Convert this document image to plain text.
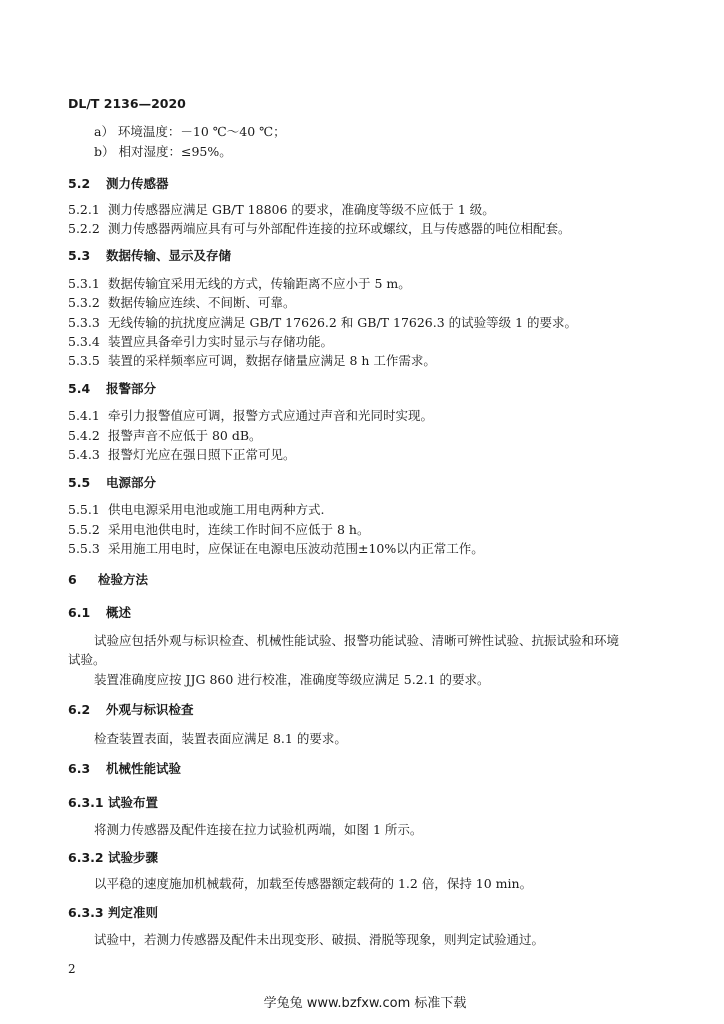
DL/T 2136—2020
a） 环境温度：－10 ℃～40 ℃；
b） 相对湿度：≤95%。
5.2 测力传感器
5.2.1 测力传感器应满足 GB/T 18806 的要求，准确度等级不应低于 1 级。
5.2.2 测力传感器两端应具有可与外部配件连接的拉环或螺纹，且与传感器的吨位相配套。
5.3 数据传输、显示及存储
5.3.1 数据传输宜采用无线的方式，传输距离不应小于 5 m。
5.3.2 数据传输应连续、不间断、可靠。
5.3.3 无线传输的抗扰度应满足 GB/T 17626.2 和 GB/T 17626.3 的试验等级 1 的要求。
5.3.4 装置应具备牵引力实时显示与存储功能。
5.3.5 装置的采样频率应可调，数据存储量应满足 8 h 工作需求。
5.4 报警部分
5.4.1 牵引力报警值应可调，报警方式应通过声音和光同时实现。
5.4.2 报警声音不应低于 80 dB。
5.4.3 报警灯光应在强日照下正常可见。
5.5 电源部分
5.5.1 供电电源采用电池或施工用电两种方式.
5.5.2 采用电池供电时，连续工作时间不应低于 8 h。
5.5.3 采用施工用电时，应保证在电源电压波动范围±10%以内正常工作。
6 检验方法
6.1 概述
试验应包括外观与标识检查、机械性能试验、报警功能试验、清晰可辨性试验、抗振试验和环境
试验。
装置准确度应按 JJG 860 进行校准，准确度等级应满足 5.2.1 的要求。
6.2 外观与标识检查
检查装置表面，装置表面应满足 8.1 的要求。
6.3 机械性能试验
6.3.1 试验布置
将测力传感器及配件连接在拉力试验机两端，如图 1 所示。
6.3.2 试验步骤
以平稳的速度施加机械载荷，加载至传感器额定载荷的 1.2 倍，保持 10 min。
6.3.3 判定准则
试验中，若测力传感器及配件未出现变形、破损、滑脱等现象，则判定试验通过。
2
学兔兔 www.bzfxw.com 标准下载
